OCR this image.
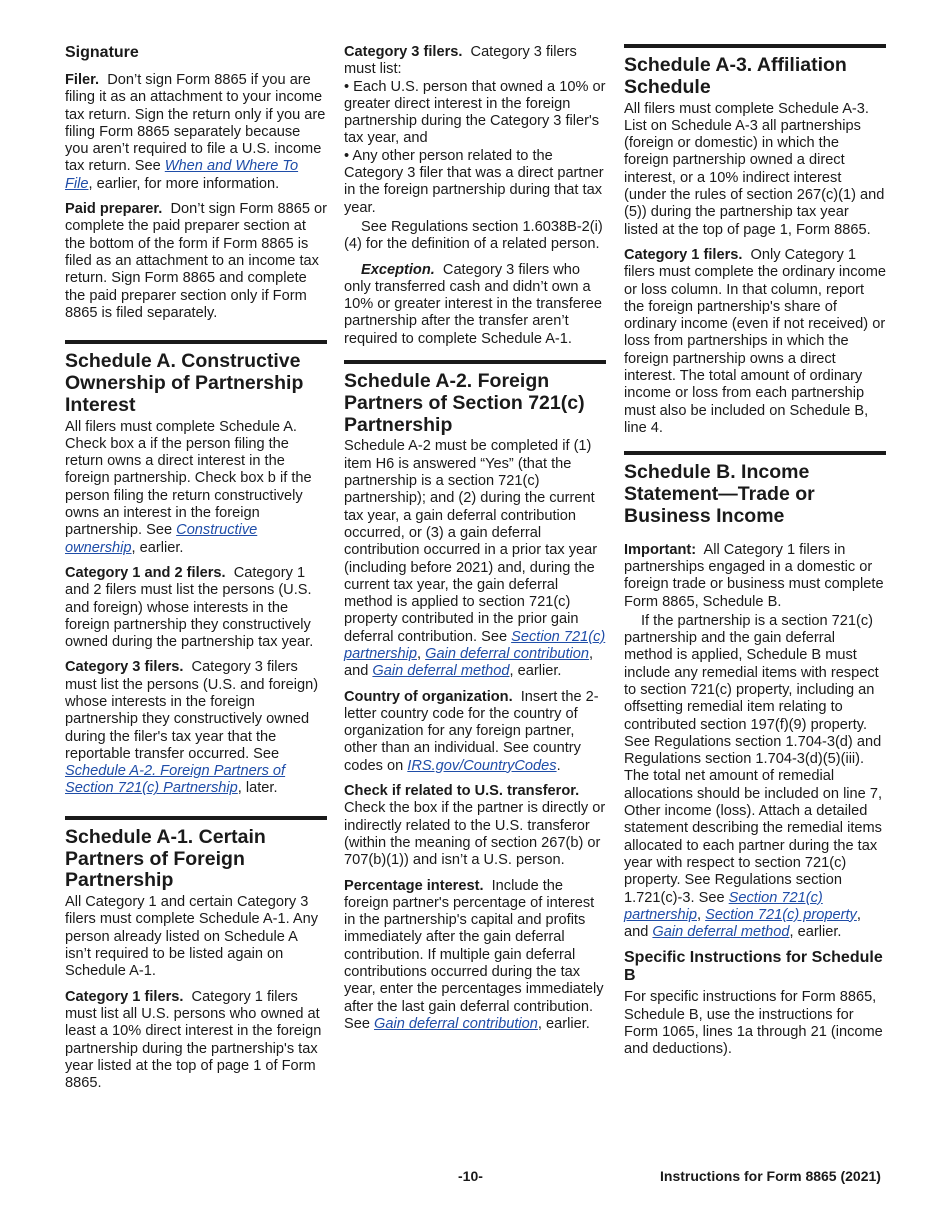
Signature

Filer. Don’t sign Form 8865 if you are filing it as an attachment to your income tax return. Sign the return only if you are filing Form 8865 separately because you aren’t required to file a U.S. income tax return. See When and Where To File, earlier, for more information.

Paid preparer. Don’t sign Form 8865 or complete the paid preparer section at the bottom of the form if Form 8865 is filed as an attachment to an income tax return. Sign Form 8865 and complete the paid preparer section only if Form 8865 is filed separately.

Schedule A. Constructive Ownership of Partnership Interest

All filers must complete Schedule A. Check box a if the person filing the return owns a direct interest in the foreign partnership. Check box b if the person filing the return constructively owns an interest in the foreign partnership. See Constructive ownership, earlier.

Category 1 and 2 filers. Category 1 and 2 filers must list the persons (U.S. and foreign) whose interests in the foreign partnership they constructively owned during the partnership tax year.

Category 3 filers. Category 3 filers must list the persons (U.S. and foreign) whose interests in the foreign partnership they constructively owned during the filer's tax year that the reportable transfer occurred. See Schedule A-2. Foreign Partners of Section 721(c) Partnership, later.

Schedule A-1. Certain Partners of Foreign Partnership

All Category 1 and certain Category 3 filers must complete Schedule A-1. Any person already listed on Schedule A isn’t required to be listed again on Schedule A-1.

Category 1 filers. Category 1 filers must list all U.S. persons who owned at least a 10% direct interest in the foreign partnership during the partnership's tax year listed at the top of page 1 of Form 8865.

Category 3 filers. Category 3 filers must list:

• Each U.S. person that owned a 10% or greater direct interest in the foreign partnership during the Category 3 filer's tax year, and

• Any other person related to the Category 3 filer that was a direct partner in the foreign partnership during that tax year.

See Regulations section 1.6038B-2(i)(4) for the definition of a related person.

Exception. Category 3 filers who only transferred cash and didn’t own a 10% or greater interest in the transferee partnership after the transfer aren’t required to complete Schedule A-1.

Schedule A-2. Foreign Partners of Section 721(c) Partnership

Schedule A-2 must be completed if (1) item H6 is answered “Yes” (that the partnership is a section 721(c) partnership); and (2) during the current tax year, a gain deferral contribution occurred, or (3) a gain deferral contribution occurred in a prior tax year (including before 2021) and, during the current tax year, the gain deferral method is applied to section 721(c) property contributed in the prior gain deferral contribution. See Section 721(c) partnership, Gain deferral contribution, and Gain deferral method, earlier.

Country of organization. Insert the 2-letter country code for the country of organization for any foreign partner, other than an individual. See country codes on IRS.gov/CountryCodes.

Check if related to U.S. transferor. Check the box if the partner is directly or indirectly related to the U.S. transferor (within the meaning of section 267(b) or 707(b)(1)) and isn’t a U.S. person.

Percentage interest. Include the foreign partner's percentage of interest in the partnership's capital and profits immediately after the gain deferral contribution. If multiple gain deferral contributions occurred during the tax year, enter the percentages immediately after the last gain deferral contribution. See Gain deferral contribution, earlier.

Schedule A-3. Affiliation Schedule

All filers must complete Schedule A-3. List on Schedule A-3 all partnerships (foreign or domestic) in which the foreign partnership owned a direct interest, or a 10% indirect interest (under the rules of section 267(c)(1) and (5)) during the partnership tax year listed at the top of page 1, Form 8865.

Category 1 filers. Only Category 1 filers must complete the ordinary income or loss column. In that column, report the foreign partnership's share of ordinary income (even if not received) or loss from partnerships in which the foreign partnership owns a direct interest. The total amount of ordinary income or loss from each partnership must also be included on Schedule B, line 4.

Schedule B. Income Statement—Trade or Business Income

Important: All Category 1 filers in partnerships engaged in a domestic or foreign trade or business must complete Form 8865, Schedule B.

If the partnership is a section 721(c) partnership and the gain deferral method is applied, Schedule B must include any remedial items with respect to section 721(c) property, including an offsetting remedial item relating to contributed section 197(f)(9) property. See Regulations section 1.704-3(d) and Regulations section 1.704-3(d)(5)(iii). The total net amount of remedial allocations should be included on line 7, Other income (loss). Attach a detailed statement describing the remedial items allocated to each partner during the tax year with respect to section 721(c) property. See Regulations section 1.721(c)-3. See Section 721(c) partnership, Section 721(c) property, and Gain deferral method, earlier.

Specific Instructions for Schedule B

For specific instructions for Form 8865, Schedule B, use the instructions for Form 1065, lines 1a through 21 (income and deductions).

-10-	Instructions for Form 8865 (2021)
